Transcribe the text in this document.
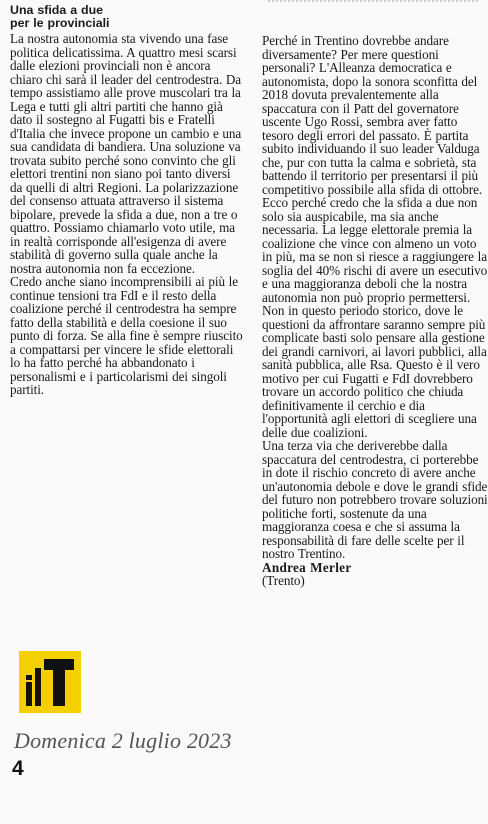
Una sfida a due
per le provinciali

La nostra autonomia sta vivendo una fase politica delicatissima. A quattro mesi scarsi dalle elezioni provinciali non è ancora chiaro chi sarà il leader del centrodestra. Da tempo assistiamo alle prove muscolari tra la Lega e tutti gli altri partiti che hanno già dato il sostegno al Fugatti bis e Fratelli d'Italia che invece propone un cambio e una sua candidata di bandiera. Una soluzione va trovata subito perché sono convinto che gli elettori trentini non siano poi tanto diversi da quelli di altri Regioni. La polarizzazione del consenso attuata attraverso il sistema bipolare, prevede la sfida a due, non a tre o quattro. Possiamo chiamarlo voto utile, ma in realtà corrisponde all'esigenza di avere stabilità di governo sulla quale anche la nostra autonomia non fa eccezione.

Credo anche siano incomprensibili ai più le continue tensioni tra FdI e il resto della coalizione perché il centrodestra ha sempre fatto della stabilità e della coesione il suo punto di forza. Se alla fine è sempre riuscito a compattarsi per vincere le sfide elettorali lo ha fatto perché ha abbandonato i personalismi e i particolarismi dei singoli partiti.

Perché in Trentino dovrebbe andare diversamente? Per mere questioni personali? L'Alleanza democratica e autonomista, dopo la sonora sconfitta del 2018 dovuta prevalentemente alla spaccatura con il Patt del governatore uscente Ugo Rossi, sembra aver fatto tesoro degli errori del passato. È partita subito individuando il suo leader Valduga che, pur con tutta la calma e sobrietà, sta battendo il territorio per presentarsi il più competitivo possibile alla sfida di ottobre.

Ecco perché credo che la sfida a due non solo sia auspicabile, ma sia anche necessaria. La legge elettorale premia la coalizione che vince con almeno un voto in più, ma se non si riesce a raggiungere la soglia del 40% rischi di avere un esecutivo e una maggioranza deboli che la nostra autonomia non può proprio permettersi.

Non in questo periodo storico, dove le questioni da affrontare saranno sempre più complicate basti solo pensare alla gestione dei grandi carnivori, ai lavori pubblici, alla sanità pubblica, alle Rsa. Questo è il vero motivo per cui Fugatti e FdI dovrebbero trovare un accordo politico che chiuda definitivamente il cerchio e dia l'opportunità agli elettori di scegliere una delle due coalizioni.

Una terza via che deriverebbe dalla spaccatura del centrodestra, ci porterebbe in dote il rischio concreto di avere anche un'autonomia debole e dove le grandi sfide del futuro non potrebbero trovare soluzioni politiche forti, sostenute da una maggioranza coesa e che si assuma la responsabilità di fare delle scelte per il nostro Trentino.

Andrea Merler

(Trento)

Domenica 2 luglio 2023
4
